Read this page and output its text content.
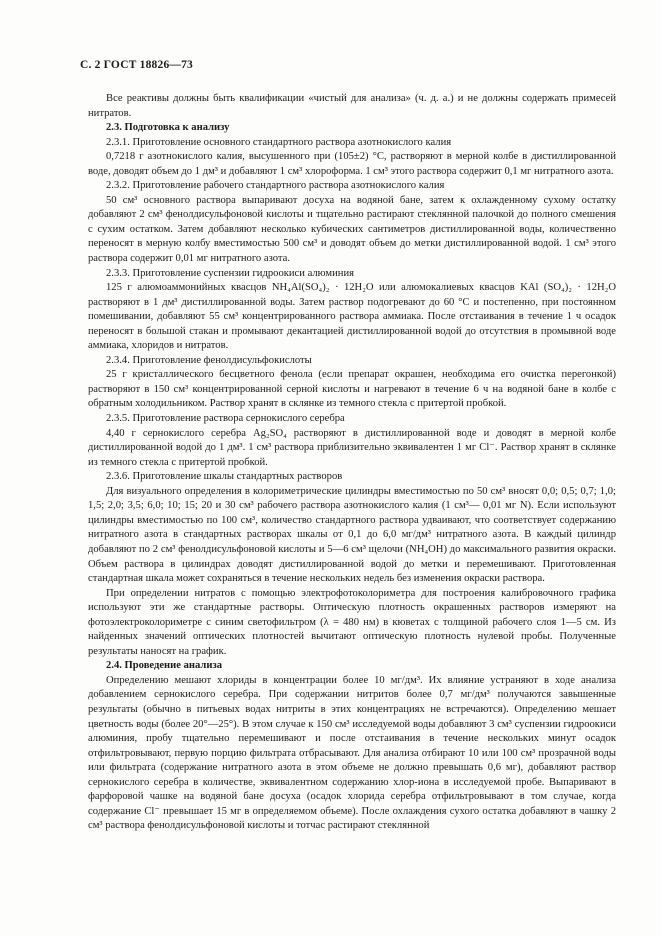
С. 2 ГОСТ 18826—73

Все реактивы должны быть квалификации «чистый для анализа» (ч. д. а.) и не должны содержать примесей нитратов.

2.3. Подготовка к анализу

2.3.1. Приготовление основного стандартного раствора азотнокислого калия

0,7218 г азотнокислого калия, высушенного при (105±2) °С, растворяют в мерной колбе в дистиллированной воде, доводят объем до 1 дм³ и добавляют 1 см³ хлороформа. 1 см³ этого раствора содержит 0,1 мг нитратного азота.

2.3.2. Приготовление рабочего стандартного раствора азотнокислого калия

50 см³ основного раствора выпаривают досуха на водяной бане, затем к охлажденному сухому остатку добавляют 2 см³ фенолдисульфоновой кислоты и тщательно растирают стеклянной палочкой до полного смешения с сухим остатком. Затем добавляют несколько кубических сантиметров дистиллированной воды, количественно переносят в мерную колбу вместимостью 500 см³ и доводят объем до метки дистиллированной водой. 1 см³ этого раствора содержит 0,01 мг нитратного азота.

2.3.3. Приготовление суспензии гидроокиси алюминия

125 г алюмоаммонийных квасцов NH₄Al(SO₄)₂ · 12H₂O или алюмокалиевых квасцов KAl (SO₄)₂ · 12H₂O растворяют в 1 дм³ дистиллированной воды. Затем раствор подогревают до 60 °С и постепенно, при постоянном помешивании, добавляют 55 см³ концентрированного раствора аммиака. После отстаивания в течение 1 ч осадок переносят в большой стакан и промывают декантацией дистиллированной водой до отсутствия в промывной воде аммиака, хлоридов и нитратов.

2.3.4. Приготовление фенолдисульфокислоты

25 г кристаллического бесцветного фенола (если препарат окрашен, необходима его очистка перегонкой) растворяют в 150 см³ концентрированной серной кислоты и нагревают в течение 6 ч на водяной бане в колбе с обратным холодильником. Раствор хранят в склянке из темного стекла с притертой пробкой.

2.3.5. Приготовление раствора сернокислого серебра

4,40 г сернокислого серебра Ag₂SO₄ растворяют в дистиллированной воде и доводят в мерной колбе дистиллированной водой до 1 дм³. 1 см³ раствора приблизительно эквивалентен 1 мг Cl⁻. Раствор хранят в склянке из темного стекла с притертой пробкой.

2.3.6. Приготовление шкалы стандартных растворов

Для визуального определения в колориметрические цилиндры вместимостью по 50 см³ вносят 0,0; 0,5; 0,7; 1,0; 1,5; 2,0; 3,5; 6,0; 10; 15; 20 и 30 см³ рабочего раствора азотнокислого калия (1 см³— 0,01 мг N). Если используют цилиндры вместимостью по 100 см³, количество стандартного раствора удваивают, что соответствует содержанию нитратного азота в стандартных растворах шкалы от 0,1 до 6,0 мг/дм³ нитратного азота. В каждый цилиндр добавляют по 2 см³ фенолдисульфоновой кислоты и 5—6 см³ щелочи (NH₄OH) до максимального развития окраски. Объем раствора в цилиндрах доводят дистиллированной водой до метки и перемешивают. Приготовленная стандартная шкала может сохраняться в течение нескольких недель без изменения окраски раствора.

При определении нитратов с помощью электрофотоколориметра для построения калибровочного графика используют эти же стандартные растворы. Оптическую плотность окрашенных растворов измеряют на фотоэлектроколориметре с синим светофильтром (λ = 480 нм) в кюветах с толщиной рабочего слоя 1—5 см. Из найденных значений оптических плотностей вычитают оптическую плотность нулевой пробы. Полученные результаты наносят на график.

2.4. Проведение анализа

Определению мешают хлориды в концентрации более 10 мг/дм³. Их влияние устраняют в ходе анализа добавлением сернокислого серебра. При содержании нитритов более 0,7 мг/дм³ получаются завышенные результаты (обычно в питьевых водах нитриты в этих концентрациях не встречаются). Определению мешает цветность воды (более 20°—25°). В этом случае к 150 см³ исследуемой воды добавляют 3 см³ суспензии гидроокиси алюминия, пробу тщательно перемешивают и после отстаивания в течение нескольких минут осадок отфильтровывают, первую порцию фильтрата отбрасывают. Для анализа отбирают 10 или 100 см³ прозрачной воды или фильтрата (содержание нитратного азота в этом объеме не должно превышать 0,6 мг), добавляют раствор сернокислого серебра в количестве, эквивалентном содержанию хлор-иона в исследуемой пробе. Выпаривают в фарфоровой чашке на водяной бане досуха (осадок хлорида серебра отфильтровывают в том случае, когда содержание Cl⁻ превышает 15 мг в определяемом объеме). После охлаждения сухого остатка добавляют в чашку 2 см³ раствора фенолдисульфоновой кислоты и тотчас растирают стеклянной
